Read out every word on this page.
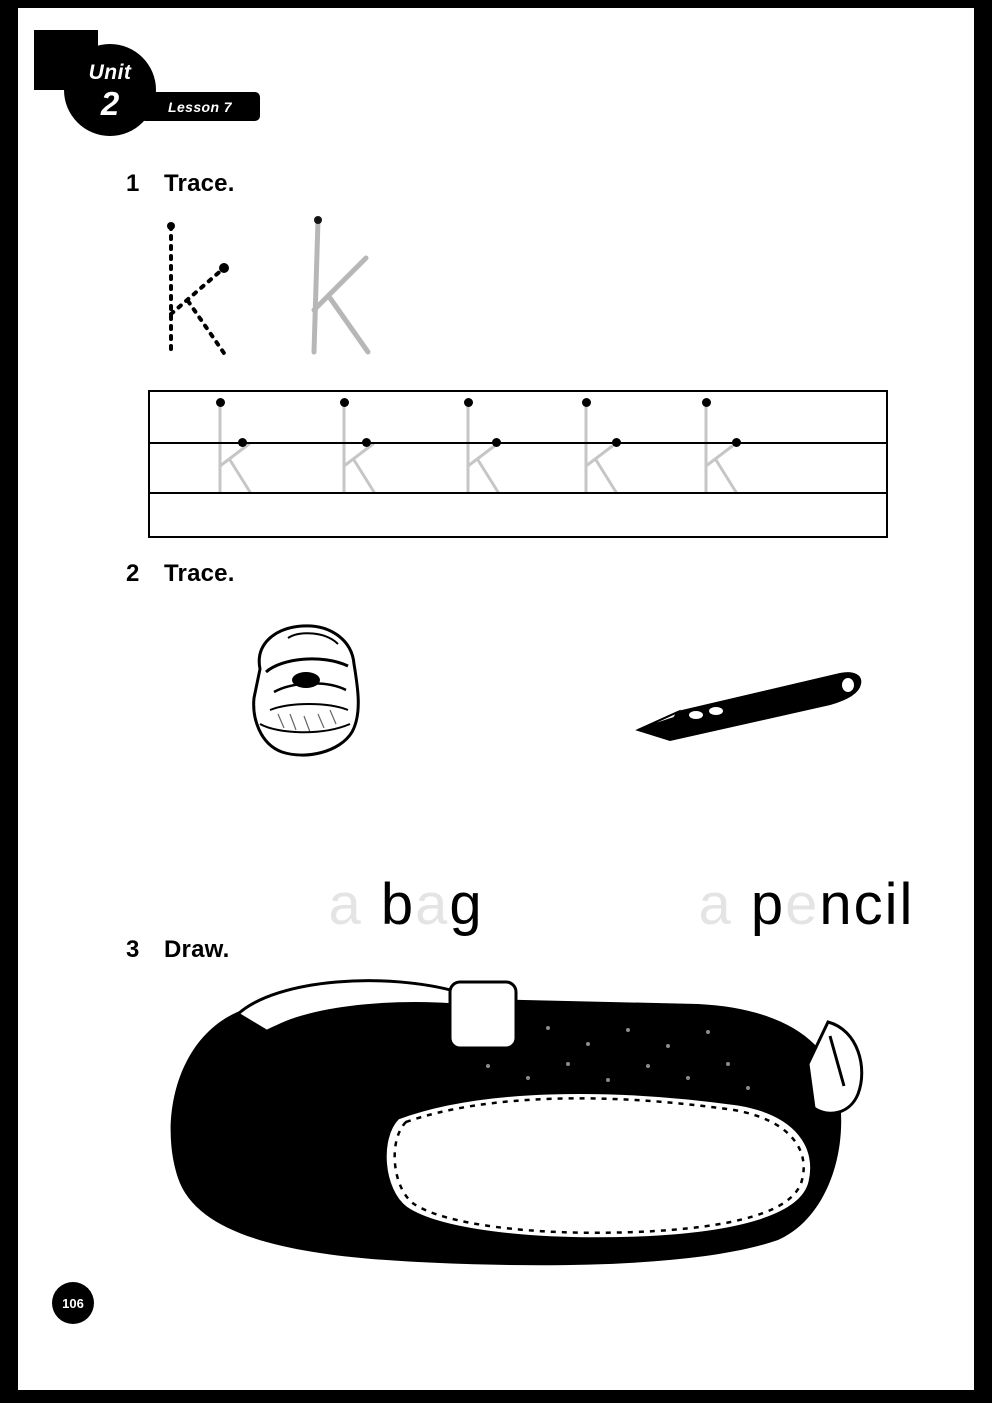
Unit
2	Lesson 7
1 Trace.
2 Trace.

a bag
	a pencil

3 Draw.
106
